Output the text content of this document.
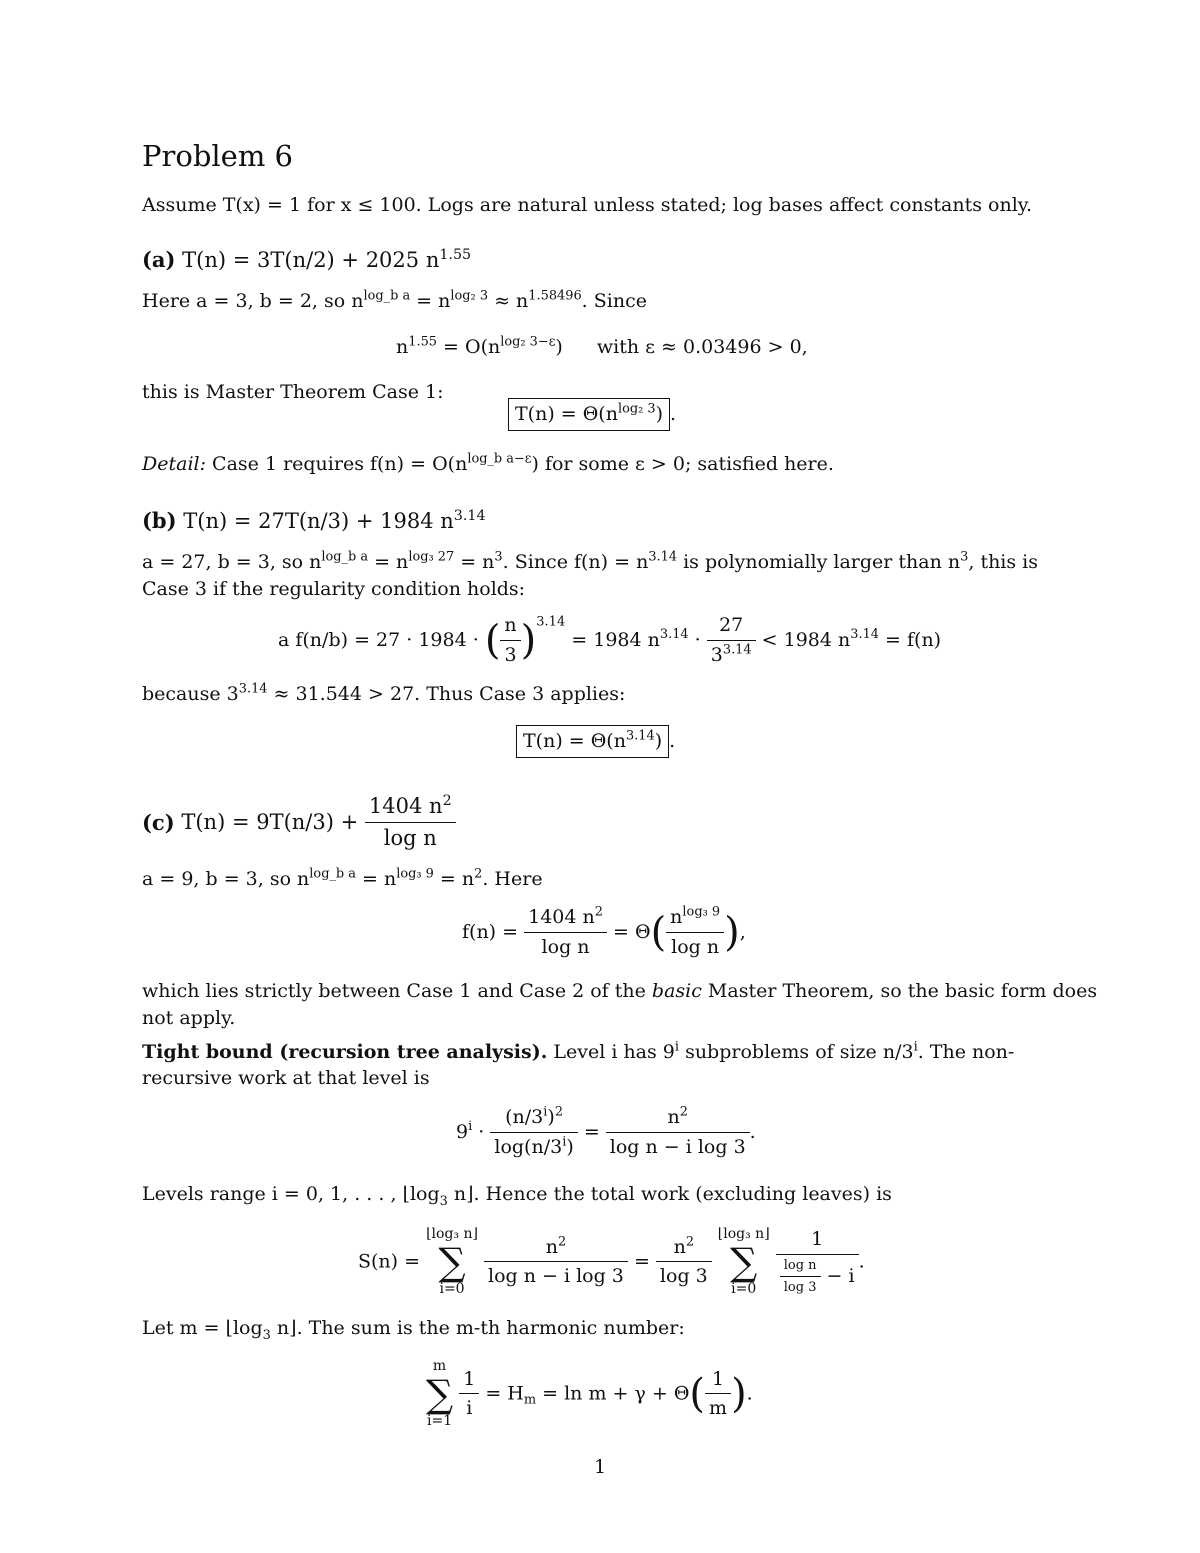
Problem 6
Assume T(x) = 1 for x ≤ 100. Logs are natural unless stated; log bases affect constants only.
(a) T(n) = 3T(n/2) + 2025 $n^{1.55}$
Here a = 3, b = 2, so $n^{log\_b a} = n^{log_2 3} \approx n^{1.58496}$. Since
$n^{1.55} = O(n^{log_2 3-\varepsilon})$ with ε ≈ 0.03496 > 0,
this is Master Theorem Case 1:
$T(n) = \Theta(n^{log_2 3})$ .
Detail: Case 1 requires $f(n) = O(n^{log\_b a-\varepsilon})$ for some ε > 0; satisfied here.
(b) T(n) = 27T(n/3) + 1984 $n^{3.14}$
a = 27, b = 3, so $n^{log\_b a} = n^{log_3 27} = n^3$. Since $f(n) = n^{3.14}$ is polynomially larger than $n^3$, this is
Case 3 if the regularity condition holds:
a f(n/b) = 27 · 1984 · ( $\frac{n}{3} )^{3.14} = 1984$ $n^{3.14} \cdot \frac{27}{3^{3.14}} < 1984$ $n^{3.14} = f(n)$
because $3^{3.14} \approx 31.544 > 27$. Thus Case 3 applies:
$T(n) = \Theta(n^{3.14})$ .
(c) $T(n) = 9T(n/3) + \frac{1404 n^2}{\text{log n}}$
a = 9, b = 3, so $n^{log\_b a} = n^{log_3 9} = n^2$. Here
$f(n) = \frac{1404 n^2}{\text{log n}} = \Theta( \frac{n^{log_3 9}}{\text{log n}}$ ),
which lies strictly between Case 1 and Case 2 of the basic Master Theorem, so the basic form does
not apply.
Tight bound (recursion tree analysis). Level i has 9$^i$ subproblems of size n/3$^i$. The non-
recursive work at that level is
$9^i \cdot \frac{(n/3^i)^2}{\log(n/3^i)} = \frac{n^2}{\text{log n − i log 3}}$ .
Levels range i = 0, 1, . . . , $⌊\log_3$ n⌋. Hence the total work (excluding leaves) is
S(n) = ⌊log₃ n⌋
∑
i=0
$\frac{n^2}{\text{log n − i log 3}} = \frac{n^2}{\log 3}$
⌊log₃ n⌋
∑
$i=0 \frac{1}{\frac{\text{log n}}{\log 3} - i}$ .
Let $m = ⌊\log_3$ n⌋. The sum is the m-th harmonic number:
m
∑
i=1
$\frac{1}{i} = H_m = \ln m + \gamma + \Theta( \frac{1}{m}$ ).
1
